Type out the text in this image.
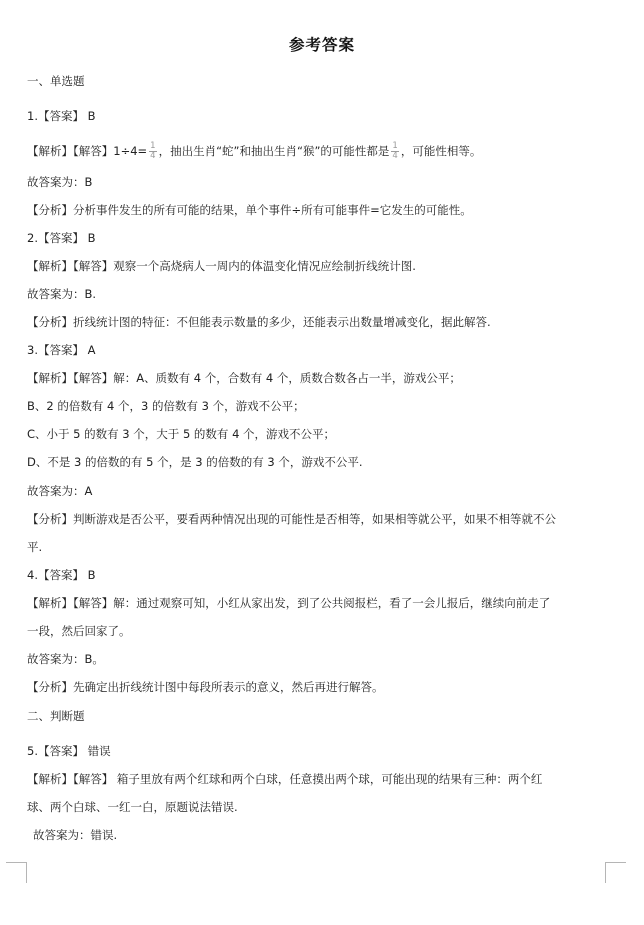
参考答案
一、单选题
1.【答案】 B
【解析】【解答】$1\div 4= \frac{1}{4}$ ，抽出生肖“蛇”和抽出生肖“猴”的可能性都是 $\frac{1}{4}$ ，可能性相等。
故答案为：B
【分析】分析事件发生的所有可能的结果，单个事件÷所有可能事件=它发生的可能性。
2.【答案】 B
【解析】【解答】观察一个高烧病人一周内的体温变化情况应绘制折线统计图.
故答案为：B.
【分析】折线统计图的特征：不但能表示数量的多少，还能表示出数量增减变化，据此解答.
3.【答案】 A
【解析】【解答】解：A、质数有 4 个，合数有 4 个，质数合数各占一半，游戏公平；
B、2 的倍数有 4 个，3 的倍数有 3 个，游戏不公平；
C、小于 5 的数有 3 个，大于 5 的数有 4 个，游戏不公平；
D、不是 3 的倍数的有 5 个，是 3 的倍数的有 3 个，游戏不公平.
故答案为：A
【分析】判断游戏是否公平，要看两种情况出现的可能性是否相等，如果相等就公平，如果不相等就不公
平.
4.【答案】 B
【解析】【解答】解：通过观察可知，小红从家出发，到了公共阅报栏，看了一会儿报后，继续向前走了
一段，然后回家了。
故答案为：B。
【分析】先确定出折线统计图中每段所表示的意义，然后再进行解答。
二、判断题
5.【答案】 错误
【解析】【解答】 箱子里放有两个红球和两个白球，任意摸出两个球，可能出现的结果有三种：两个红
球、两个白球、一红一白，原题说法错误.
故答案为：错误.
